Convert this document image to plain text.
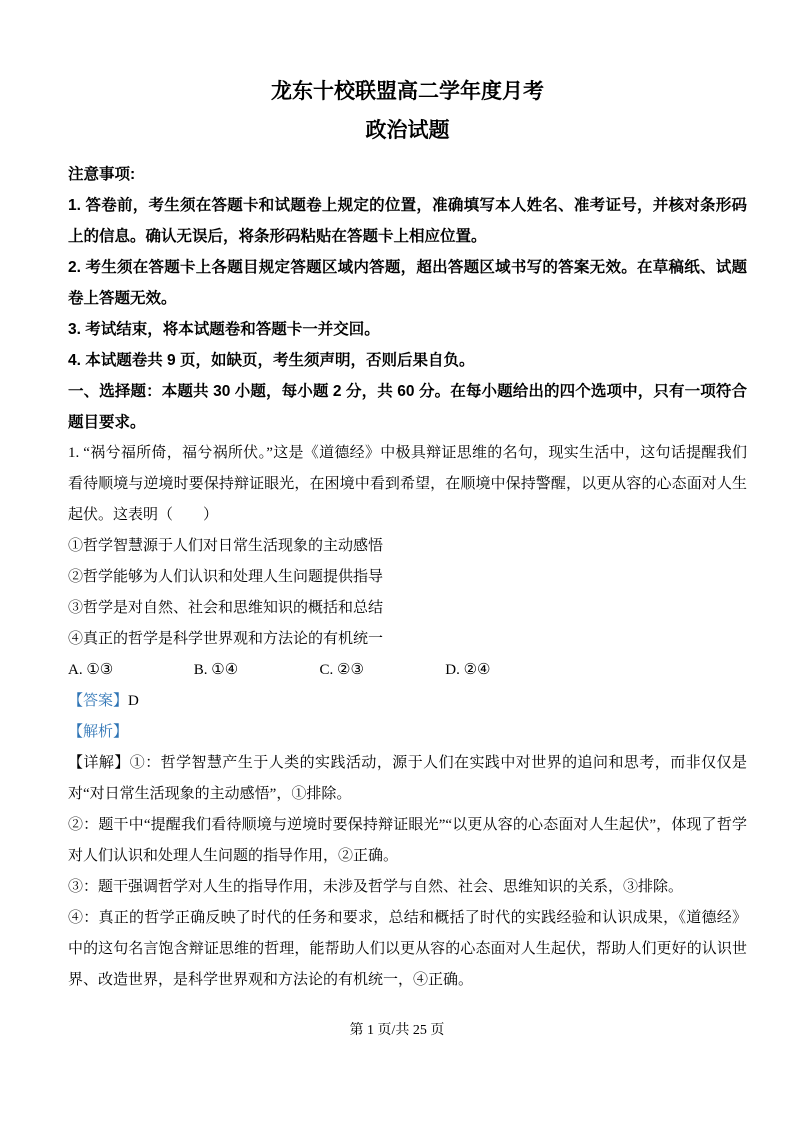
龙东十校联盟高二学年度月考
政治试题

注意事项:

1. 答卷前，考生须在答题卡和试题卷上规定的位置，准确填写本人姓名、准考证号，并核对条形码上的信息。确认无误后，将条形码粘贴在答题卡上相应位置。

2. 考生须在答题卡上各题目规定答题区域内答题，超出答题区域书写的答案无效。在草稿纸、试题卷上答题无效。

3. 考试结束，将本试题卷和答题卡一并交回。

4. 本试题卷共 9 页，如缺页，考生须声明，否则后果自负。

一、选择题：本题共 30 小题，每小题 2 分，共 60 分。在每小题给出的四个选项中，只有一项符合题目要求。

1. “祸兮福所倚，福兮祸所伏。”这是《道德经》中极具辩证思维的名句，现实生活中，这句话提醒我们看待顺境与逆境时要保持辩证眼光，在困境中看到希望，在顺境中保持警醒，以更从容的心态面对人生起伏。这表明（　　）

①哲学智慧源于人们对日常生活现象的主动感悟

②哲学能够为人们认识和处理人生问题提供指导

③哲学是对自然、社会和思维知识的概括和总结

④真正的哲学是科学世界观和方法论的有机统一

A. ①③	B. ①④	C. ②③	D. ②④

【答案】D

【解析】

【详解】①：哲学智慧产生于人类的实践活动，源于人们在实践中对世界的追问和思考，而非仅仅是对“对日常生活现象的主动感悟”，①排除。

②：题干中“提醒我们看待顺境与逆境时要保持辩证眼光”“以更从容的心态面对人生起伏”，体现了哲学对人们认识和处理人生问题的指导作用，②正确。

③：题干强调哲学对人生的指导作用，未涉及哲学与自然、社会、思维知识的关系，③排除。

④：真正的哲学正确反映了时代的任务和要求，总结和概括了时代的实践经验和认识成果，《道德经》中的这句名言饱含辩证思维的哲理，能帮助人们以更从容的心态面对人生起伏，帮助人们更好的认识世界、改造世界，是科学世界观和方法论的有机统一，④正确。

第 1 页/共 25 页
